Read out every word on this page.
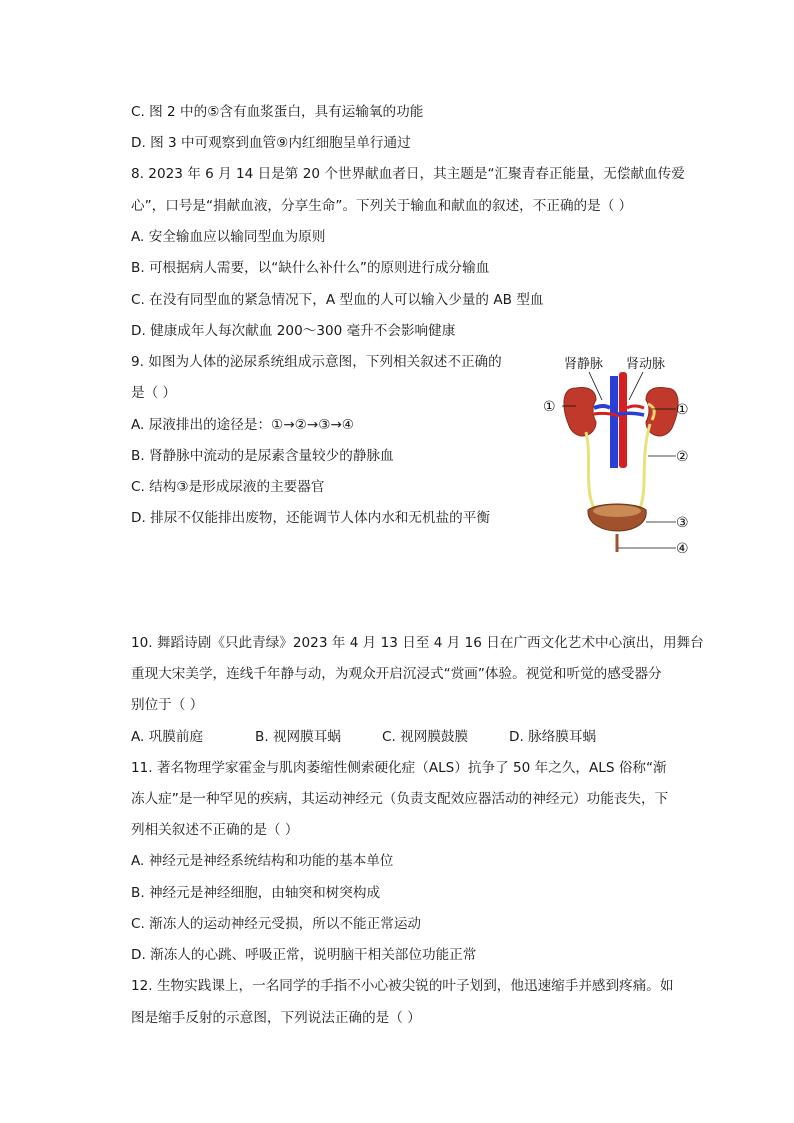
C. 图 2 中的⑤含有血浆蛋白，具有运输氧的功能
D. 图 3 中可观察到血管⑨内红细胞呈单行通过
8. 2023 年 6 月 14 日是第 20 个世界献血者日，其主题是“汇聚青春正能量，无偿献血传爱
心”，口号是“捐献血液，分享生命”。下列关于输血和献血的叙述，不正确的是（ ）
A. 安全输血应以输同型血为原则
B. 可根据病人需要，以“缺什么补什么”的原则进行成分输血
C. 在没有同型血的紧急情况下，A 型血的人可以输入少量的 AB 型血
D. 健康成年人每次献血 200～300 毫升不会影响健康
9. 如图为人体的泌尿系统组成示意图，下列相关叙述不正确的
是（ ）
A. 尿液排出的途径是：①→②→③→④
B. 肾静脉中流动的是尿素含量较少的静脉血
C. 结构③是形成尿液的主要器官
D. 排尿不仅能排出废物，还能调节人体内水和无机盐的平衡
肾静脉 肾动脉
①	①
②
③
④
10. 舞蹈诗剧《只此青绿》2023 年 4 月 13 日至 4 月 16 日在广西文化艺术中心演出，用舞台
重现大宋美学，连线千年静与动，为观众开启沉浸式“赏画”体验。视觉和听觉的感受器分
别位于（ ）
A. 巩膜前庭	B. 视网膜耳蜗	C. 视网膜鼓膜	D. 脉络膜耳蜗
11. 著名物理学家霍金与肌肉萎缩性侧索硬化症（ALS）抗争了 50 年之久，ALS 俗称“渐
冻人症”是一种罕见的疾病，其运动神经元（负责支配效应器活动的神经元）功能丧失，下
列相关叙述不正确的是（ ）
A. 神经元是神经系统结构和功能的基本单位
B. 神经元是神经细胞，由轴突和树突构成
C. 渐冻人的运动神经元受损，所以不能正常运动
D. 渐冻人的心跳、呼吸正常，说明脑干相关部位功能正常
12. 生物实践课上，一名同学的手指不小心被尖锐的叶子划到，他迅速缩手并感到疼痛。如
图是缩手反射的示意图，下列说法正确的是（ ）
